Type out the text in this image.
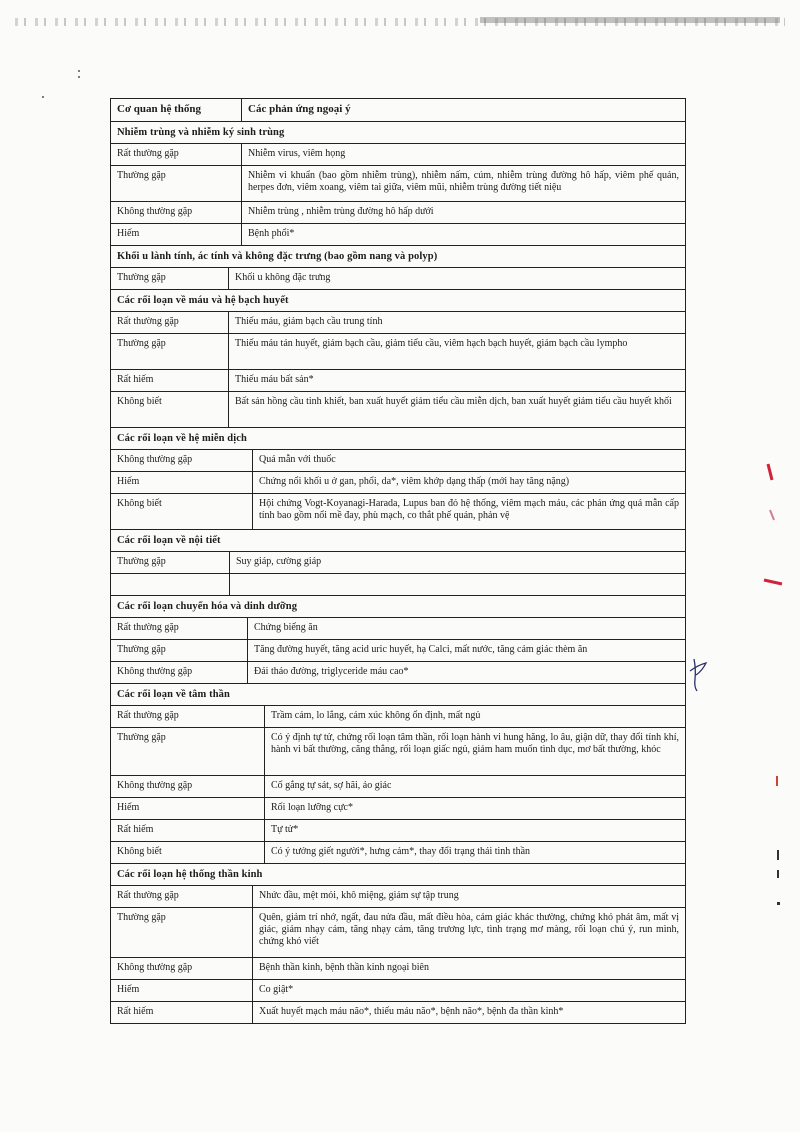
Cơ quan hệ thống	Các phản ứng ngoại ý
Nhiễm trùng và nhiễm ký sinh trùng
Rất thường gặp	Nhiễm virus, viêm họng
Thường gặp	Nhiễm vi khuẩn (bao gồm nhiễm trùng), nhiễm nấm, cúm, nhiễm trùng đường hô hấp, viêm phế quản, herpes đơn, viêm xoang, viêm tai giữa, viêm mũi, nhiễm trùng đường tiết niệu
Không thường gặp	Nhiễm trùng , nhiễm trùng đường hô hấp dưới
Hiếm	Bệnh phổi*
Khối u lành tính, ác tính và không đặc trưng (bao gồm nang và polyp)
Thường gặp	Khối u không đặc trưng
Các rối loạn về máu và hệ bạch huyết
Rất thường gặp	Thiếu máu, giảm bạch cầu trung tính
Thường gặp	Thiếu máu tán huyết, giảm bạch cầu, giảm tiểu cầu, viêm hạch bạch huyết, giảm bạch cầu lympho
Rất hiếm	Thiếu máu bất sản*
Không biết	Bất sản hồng cầu tinh khiết, ban xuất huyết giảm tiểu cầu miễn dịch, ban xuất huyết giảm tiểu cầu huyết khối
Các rối loạn về hệ miễn dịch
Không thường gặp	Quá mẫn với thuốc
Hiếm	Chứng nổi khối u ở gan, phổi, da*, viêm khớp dạng thấp (mới hay tăng nặng)
Không biết	Hội chứng Vogt-Koyanagi-Harada, Lupus ban đỏ hệ thống, viêm mạch máu, các phản ứng quá mẫn cấp tính bao gồm nổi mề đay, phù mạch, co thắt phế quản, phản vệ
Các rối loạn về nội tiết
Thường gặp	Suy giáp, cường giáp
Các rối loạn chuyển hóa và dinh dưỡng
Rất thường gặp	Chứng biếng ăn
Thường gặp	Tăng đường huyết, tăng acid uric huyết, hạ Calci, mất nước, tăng cảm giác thèm ăn
Không thường gặp	Đái tháo đường, triglyceride máu cao*
Các rối loạn về tâm thần
Rất thường gặp	Trầm cảm, lo lắng, cảm xúc không ổn định, mất ngủ
Thường gặp	Có ý định tự tử, chứng rối loạn tâm thần, rối loạn hành vi hung hăng, lo âu, giận dữ, thay đổi tính khí, hành vi bất thường, căng thẳng, rối loạn giấc ngủ, giảm ham muốn tình dục, mơ bất thường, khóc
Không thường gặp	Cố gắng tự sát, sợ hãi, ảo giác
Hiếm	Rối loạn lưỡng cực*
Rất hiếm	Tự tử*
Không biết	Có ý tưởng giết người*, hưng cảm*, thay đổi trạng thái tinh thần
Các rối loạn hệ thống thần kinh
Rất thường gặp	Nhức đầu, mệt mỏi, khô miệng, giảm sự tập trung
Thường gặp	Quên, giảm trí nhớ, ngất, đau nửa đầu, mất điều hòa, cảm giác khác thường, chứng khó phát âm, mất vị giác, giảm nhạy cảm, tăng nhạy cảm, tăng trương lực, tình trạng mơ màng, rối loạn chú ý, run mình, chứng khó viết
Không thường gặp	Bệnh thần kinh, bệnh thần kinh ngoại biên
Hiếm	Co giật*
Rất hiếm	Xuất huyết mạch máu não*, thiếu máu não*, bệnh não*, bệnh đa thần kinh*
